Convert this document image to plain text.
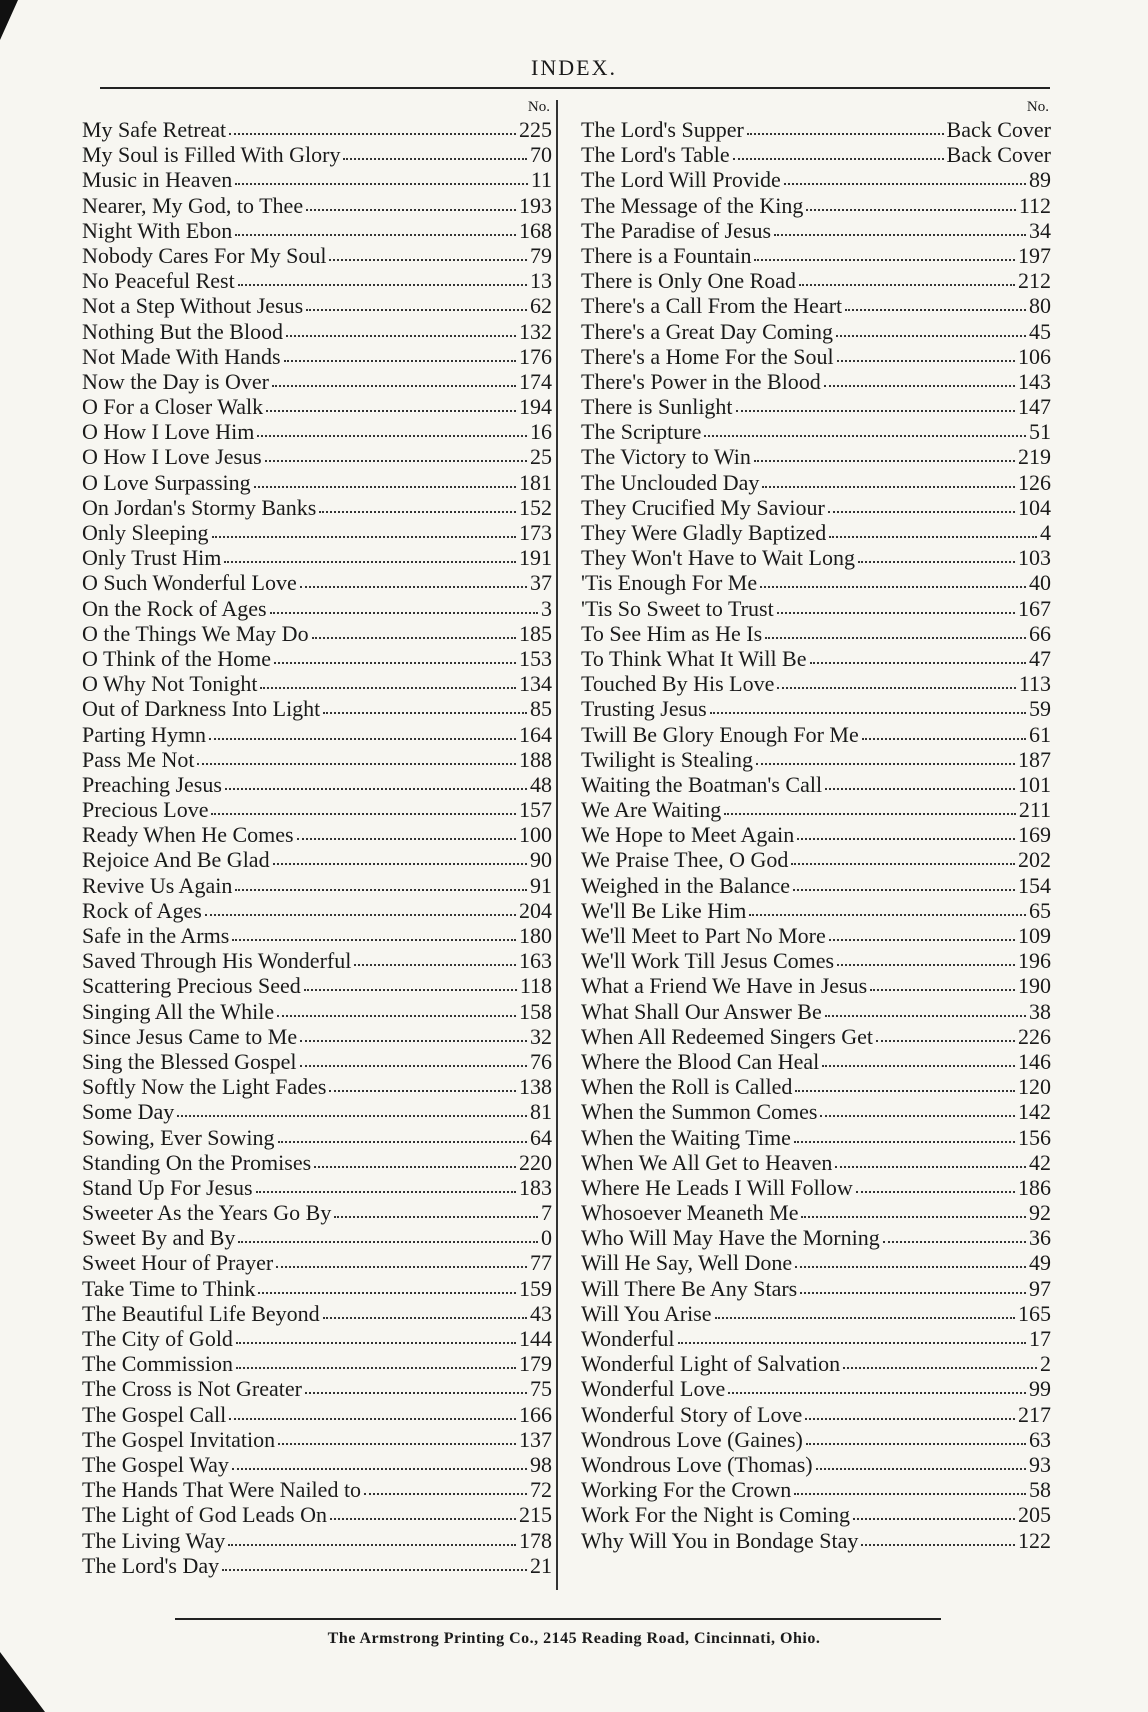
INDEX.
No.
My Safe Retreat	225
My Soul is Filled With Glory	70
Music in Heaven	11
Nearer, My God, to Thee	193
Night With Ebon	168
Nobody Cares For My Soul	79
No Peaceful Rest	13
Not a Step Without Jesus	62
Nothing But the Blood	132
Not Made With Hands	176
Now the Day is Over	174
O For a Closer Walk	194
O How I Love Him	16
O How I Love Jesus	25
O Love Surpassing	181
On Jordan's Stormy Banks	152
Only Sleeping	173
Only Trust Him	191
O Such Wonderful Love	37
On the Rock of Ages	3
O the Things We May Do	185
O Think of the Home	153
O Why Not Tonight	134
Out of Darkness Into Light	85
Parting Hymn	164
Pass Me Not	188
Preaching Jesus	48
Precious Love	157
Ready When He Comes	100
Rejoice And Be Glad	90
Revive Us Again	91
Rock of Ages	204
Safe in the Arms	180
Saved Through His Wonderful	163
Scattering Precious Seed	118
Singing All the While	158
Since Jesus Came to Me	32
Sing the Blessed Gospel	76
Softly Now the Light Fades	138
Some Day	81
Sowing, Ever Sowing	64
Standing On the Promises	220
Stand Up For Jesus	183
Sweeter As the Years Go By	7
Sweet By and By	0
Sweet Hour of Prayer	77
Take Time to Think	159
The Beautiful Life Beyond	43
The City of Gold	144
The Commission	179
The Cross is Not Greater	75
The Gospel Call	166
The Gospel Invitation	137
The Gospel Way	98
The Hands That Were Nailed to	72
The Light of God Leads On	215
The Living Way	178
The Lord's Day	21
No.
The Lord's Supper	Back Cover
The Lord's Table	Back Cover
The Lord Will Provide	89
The Message of the King	112
The Paradise of Jesus	34
There is a Fountain	197
There is Only One Road	212
There's a Call From the Heart	80
There's a Great Day Coming	45
There's a Home For the Soul	106
There's Power in the Blood	143
There is Sunlight	147
The Scripture	51
The Victory to Win	219
The Unclouded Day	126
They Crucified My Saviour	104
They Were Gladly Baptized	4
They Won't Have to Wait Long	103
'Tis Enough For Me	40
'Tis So Sweet to Trust	167
To See Him as He Is	66
To Think What It Will Be	47
Touched By His Love	113
Trusting Jesus	59
Twill Be Glory Enough For Me	61
Twilight is Stealing	187
Waiting the Boatman's Call	101
We Are Waiting	211
We Hope to Meet Again	169
We Praise Thee, O God	202
Weighed in the Balance	154
We'll Be Like Him	65
We'll Meet to Part No More	109
We'll Work Till Jesus Comes	196
What a Friend We Have in Jesus	190
What Shall Our Answer Be	38
When All Redeemed Singers Get	226
Where the Blood Can Heal	146
When the Roll is Called	120
When the Summon Comes	142
When the Waiting Time	156
When We All Get to Heaven	42
Where He Leads I Will Follow	186
Whosoever Meaneth Me	92
Who Will May Have the Morning	36
Will He Say, Well Done	49
Will There Be Any Stars	97
Will You Arise	165
Wonderful	17
Wonderful Light of Salvation	2
Wonderful Love	99
Wonderful Story of Love	217
Wondrous Love (Gaines)	63
Wondrous Love (Thomas)	93
Working For the Crown	58
Work For the Night is Coming	205
Why Will You in Bondage Stay	122
The Armstrong Printing Co., 2145 Reading Road, Cincinnati, Ohio.
